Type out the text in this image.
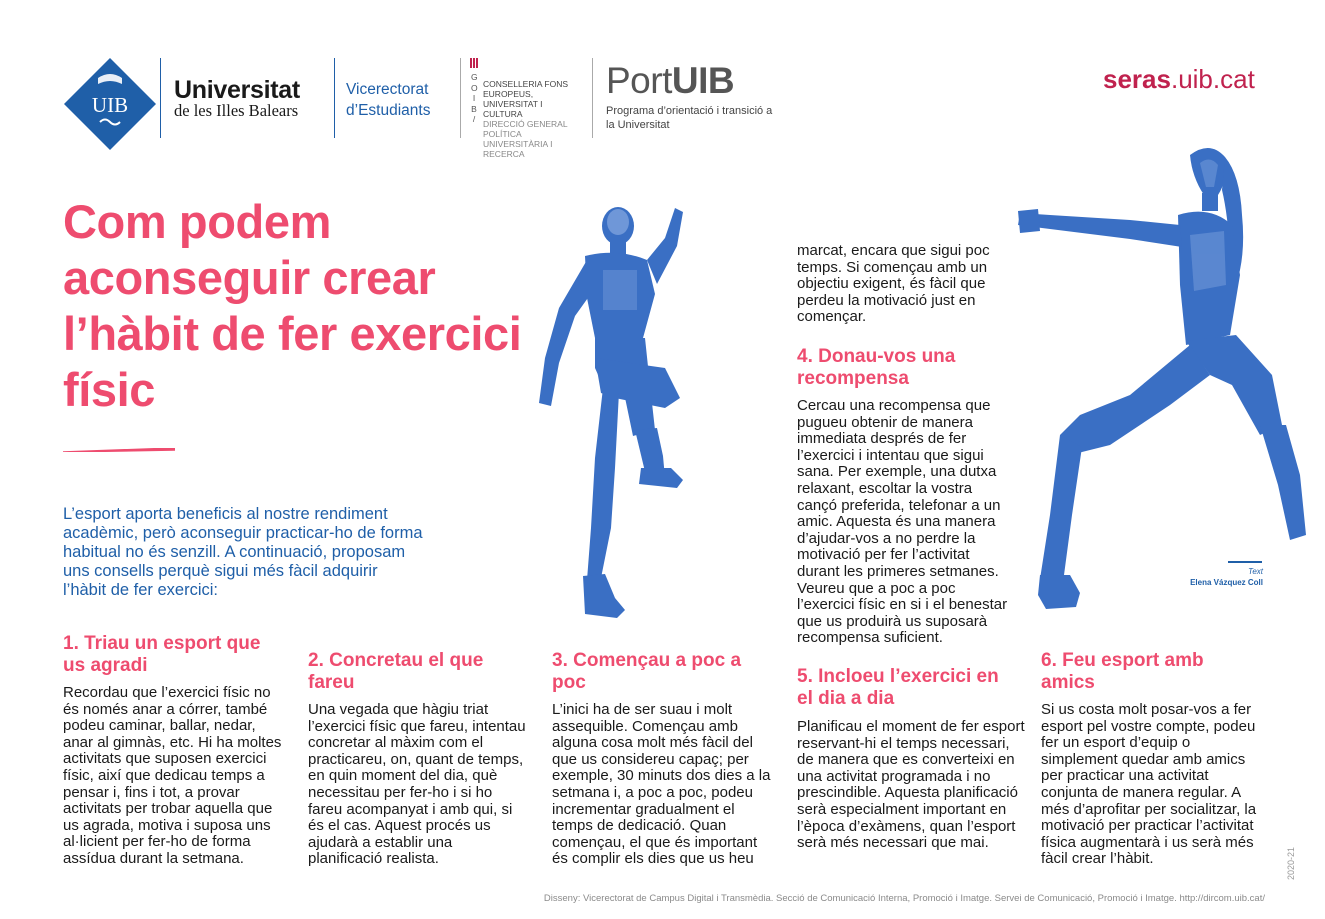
UIB
Universitat
de les Illes Balears
Vicerectorat d’Estudiants
G O I B /
CONSELLERIA FONS EUROPEUS, UNIVERSITAT I CULTURA
DIRECCIÓ GENERAL POLÍTICA UNIVERSITÀRIA I RECERCA
PortUIB
Programa d’orientació i transició a la Universitat
seras.uib.cat
Com podem aconseguir crear l’hàbit de fer exercici físic
L’esport aporta beneficis al nostre rendiment acadèmic, però aconseguir practicar-ho de forma habitual no és senzill. A continuació, proposam uns consells perquè sigui més fàcil adquirir l’hàbit de fer exercici:
Text
Elena Vázquez Coll
1. Triau un esport que us agradi
Recordau que l’exercici físic no és només anar a córrer, també podeu caminar, ballar, nedar, anar al gimnàs, etc. Hi ha moltes activitats que suposen exercici físic, així que dedicau temps a pensar i, fins i tot, a provar activitats per trobar aquella que us agrada, motiva i suposa uns al·licient per fer-ho de forma assídua durant la setmana.
2. Concretau el que fareu
Una vegada que hàgiu triat l’exercici físic que fareu, intentau concretar al màxim com el practicareu, on, quant de temps, en quin moment del dia, què necessitau per fer-ho i si ho fareu acompanyat i amb qui, si és el cas. Aquest procés us ajudarà a establir una planificació realista.
3. Començau a poc a poc
L’inici ha de ser suau i molt assequible. Començau amb alguna cosa molt més fàcil del que us considereu capaç; per exemple, 30 minuts dos dies a la setmana i, a poc a poc, podeu incrementar gradualment el temps de dedicació. Quan començau, el que és important és complir els dies que us heu
marcat, encara que sigui poc temps. Si començau amb un objectiu exigent, és fàcil que perdeu la motivació just en començar.
4. Donau-vos una recompensa
Cercau una recompensa que pugueu obtenir de manera immediata després de fer l’exercici i intentau que sigui sana. Per exemple, una dutxa relaxant, escoltar la vostra cançó preferida, telefonar a un amic. Aquesta és una manera d’ajudar-vos a no perdre la motivació per fer l’activitat durant les primeres setmanes. Veureu que a poc a poc l’exercici físic en si i el benestar que us produirà us suposarà recompensa suficient.
5. Incloeu l’exercici en el dia a dia
Planificau el moment de fer esport reservant-hi el temps necessari, de manera que es converteixi en una activitat programada i no prescindible. Aquesta planificació serà especialment important en l’època d’exàmens, quan l’esport serà més necessari que mai.
6. Feu esport amb amics
Si us costa molt posar-vos a fer esport pel vostre compte, podeu fer un esport d’equip o simplement quedar amb amics per practicar una activitat conjunta de manera regular. A més d’aprofitar per socialitzar, la motivació per practicar l’activitat física augmentarà i us serà més fàcil crear l’hàbit.
Disseny: Vicerectorat de Campus Digital i Transmèdia. Secció de Comunicació Interna, Promoció i Imatge. Servei de Comunicació, Promoció i Imatge. http://dircom.uib.cat/
2020-21
